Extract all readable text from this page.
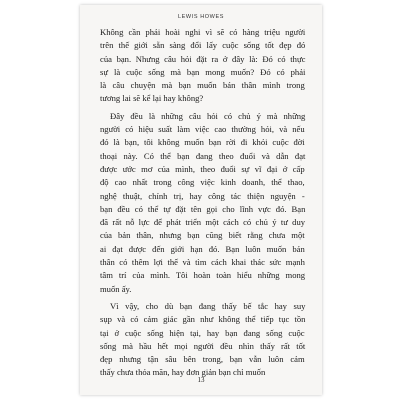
LEWIS HOWES

Không cần phải hoài nghi vì sẽ có hàng triệu người
trên thế giới sẵn sàng đổi lấy cuộc sống tốt đẹp đó
của bạn. Nhưng câu hỏi đặt ra ở đây là: Đó có thực
sự là cuộc sống mà bạn mong muốn? Đó có phải
là câu chuyện mà bạn muốn bán thân mình trong
tương lai sẽ kể lại hay không?

Đây đều là những câu hỏi có chủ ý mà những
người có hiệu suất làm việc cao thường hỏi, và nếu
đó là bạn, tôi không muốn bạn rời đi khỏi cuộc đời
thoại này. Có thể bạn đang theo đuổi và dẫn đạt
được ước mơ của mình, theo đuổi sự vĩ đại ở cấp
độ cao nhất trong công việc kinh doanh, thể thao,
nghệ thuật, chính trị, hay công tác thiện nguyện -
bạn đều có thể tự đặt tên gọi cho lĩnh vực đó. Bạn
đã rất nỗ lực để phát triển một cách có chủ ý tư duy
của bản thân, nhưng bạn cũng biết rằng chưa một
ai đạt được đến giới hạn đó. Bạn luôn muốn bản
thân có thêm lợi thế và tìm cách khai thác sức mạnh
tâm trí của mình. Tôi hoàn toàn hiểu những mong
muốn ấy.

Vì vậy, cho dù bạn đang thấy bế tắc hay suy
sụp và có cảm giác gần như không thể tiếp tục tồn
tại ở cuộc sống hiện tại, hay bạn đang sống cuộc
sống mà hầu hết mọi người đều nhìn thấy rất tốt
đẹp nhưng tận sâu bên trong, bạn vẫn luôn cảm
thấy chưa thỏa mãn, hay đơn giản bạn chỉ muốn

13
